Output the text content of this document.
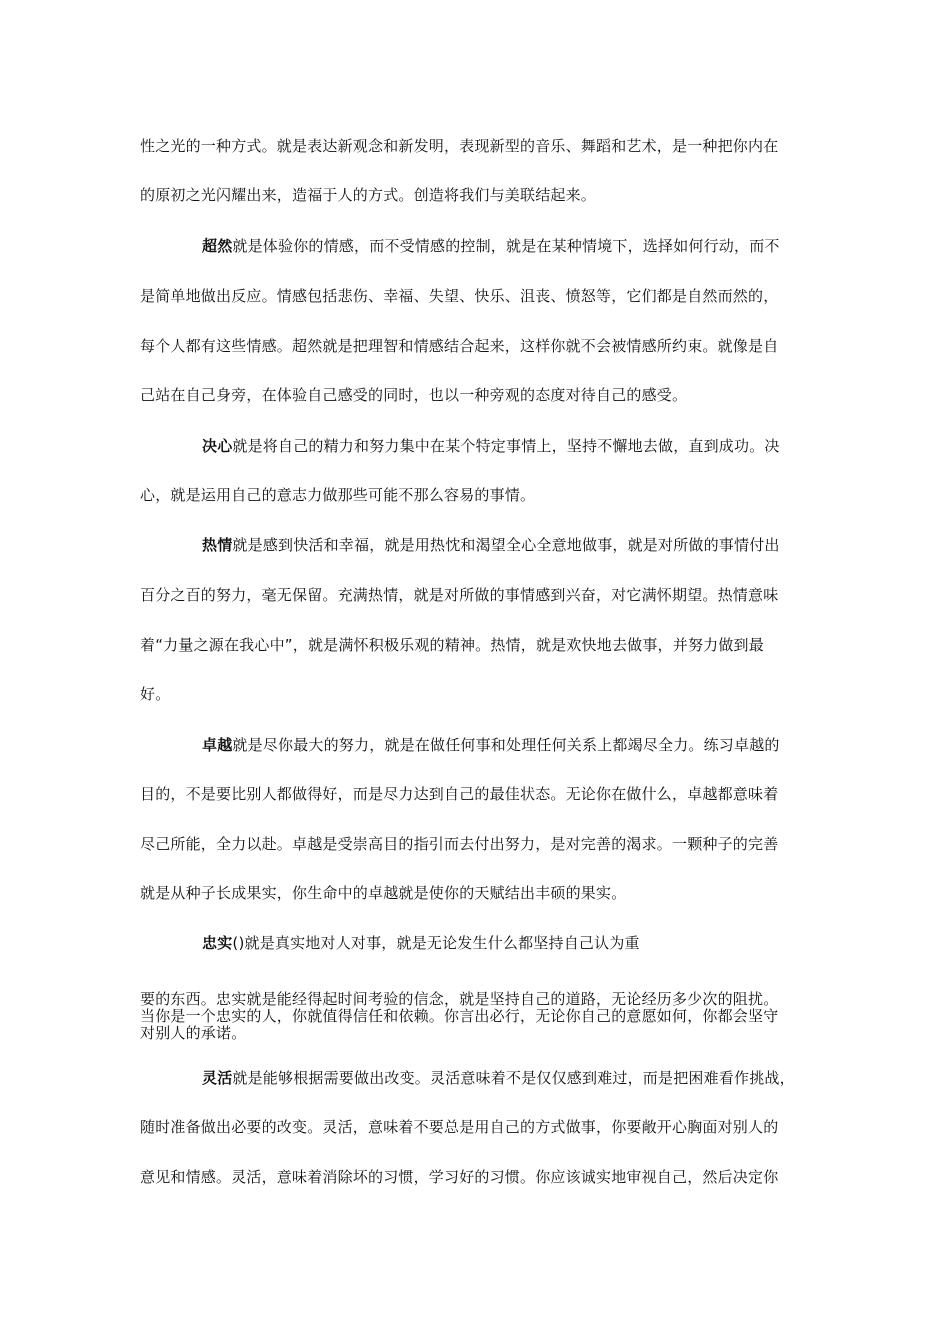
性之光的一种方式。就是表达新观念和新发明，表现新型的音乐、舞蹈和艺术，是一种把你内在
的原初之光闪耀出来，造福于人的方式。创造将我们与美联结起来。
超然就是体验你的情感，而不受情感的控制，就是在某种情境下，选择如何行动，而不
是简单地做出反应。情感包括悲伤、幸福、失望、快乐、沮丧、愤怒等，它们都是自然而然的，
每个人都有这些情感。超然就是把理智和情感结合起来，这样你就不会被情感所约束。就像是自
己站在自己身旁，在体验自己感受的同时，也以一种旁观的态度对待自己的感受。
决心就是将自己的精力和努力集中在某个特定事情上，坚持不懈地去做，直到成功。决
心，就是运用自己的意志力做那些可能不那么容易的事情。
热情就是感到快活和幸福，就是用热忱和渴望全心全意地做事，就是对所做的事情付出
百分之百的努力，毫无保留。充满热情，就是对所做的事情感到兴奋，对它满怀期望。热情意味
着“力量之源在我心中”，就是满怀积极乐观的精神。热情，就是欢快地去做事，并努力做到最
好。
卓越就是尽你最大的努力，就是在做任何事和处理任何关系上都竭尽全力。练习卓越的
目的，不是要比别人都做得好，而是尽力达到自己的最佳状态。无论你在做什么，卓越都意味着
尽己所能，全力以赴。卓越是受崇高目的指引而去付出努力，是对完善的渴求。一颗种子的完善
就是从种子长成果实，你生命中的卓越就是使你的天赋结出丰硕的果实。
忠实()就是真实地对人对事，就是无论发生什么都坚持自己认为重
要的东西。忠实就是能经得起时间考验的信念，就是坚持自己的道路，无论经历多少次的阻扰。
当你是一个忠实的人，你就值得信任和依赖。你言出必行，无论你自己的意愿如何，你都会坚守
对别人的承诺。
灵活就是能够根据需要做出改变。灵活意味着不是仅仅感到难过，而是把困难看作挑战，
随时准备做出必要的改变。灵活，意味着不要总是用自己的方式做事，你要敞开心胸面对别人的
意见和情感。灵活，意味着消除坏的习惯，学习好的习惯。你应该诚实地审视自己，然后决定你
